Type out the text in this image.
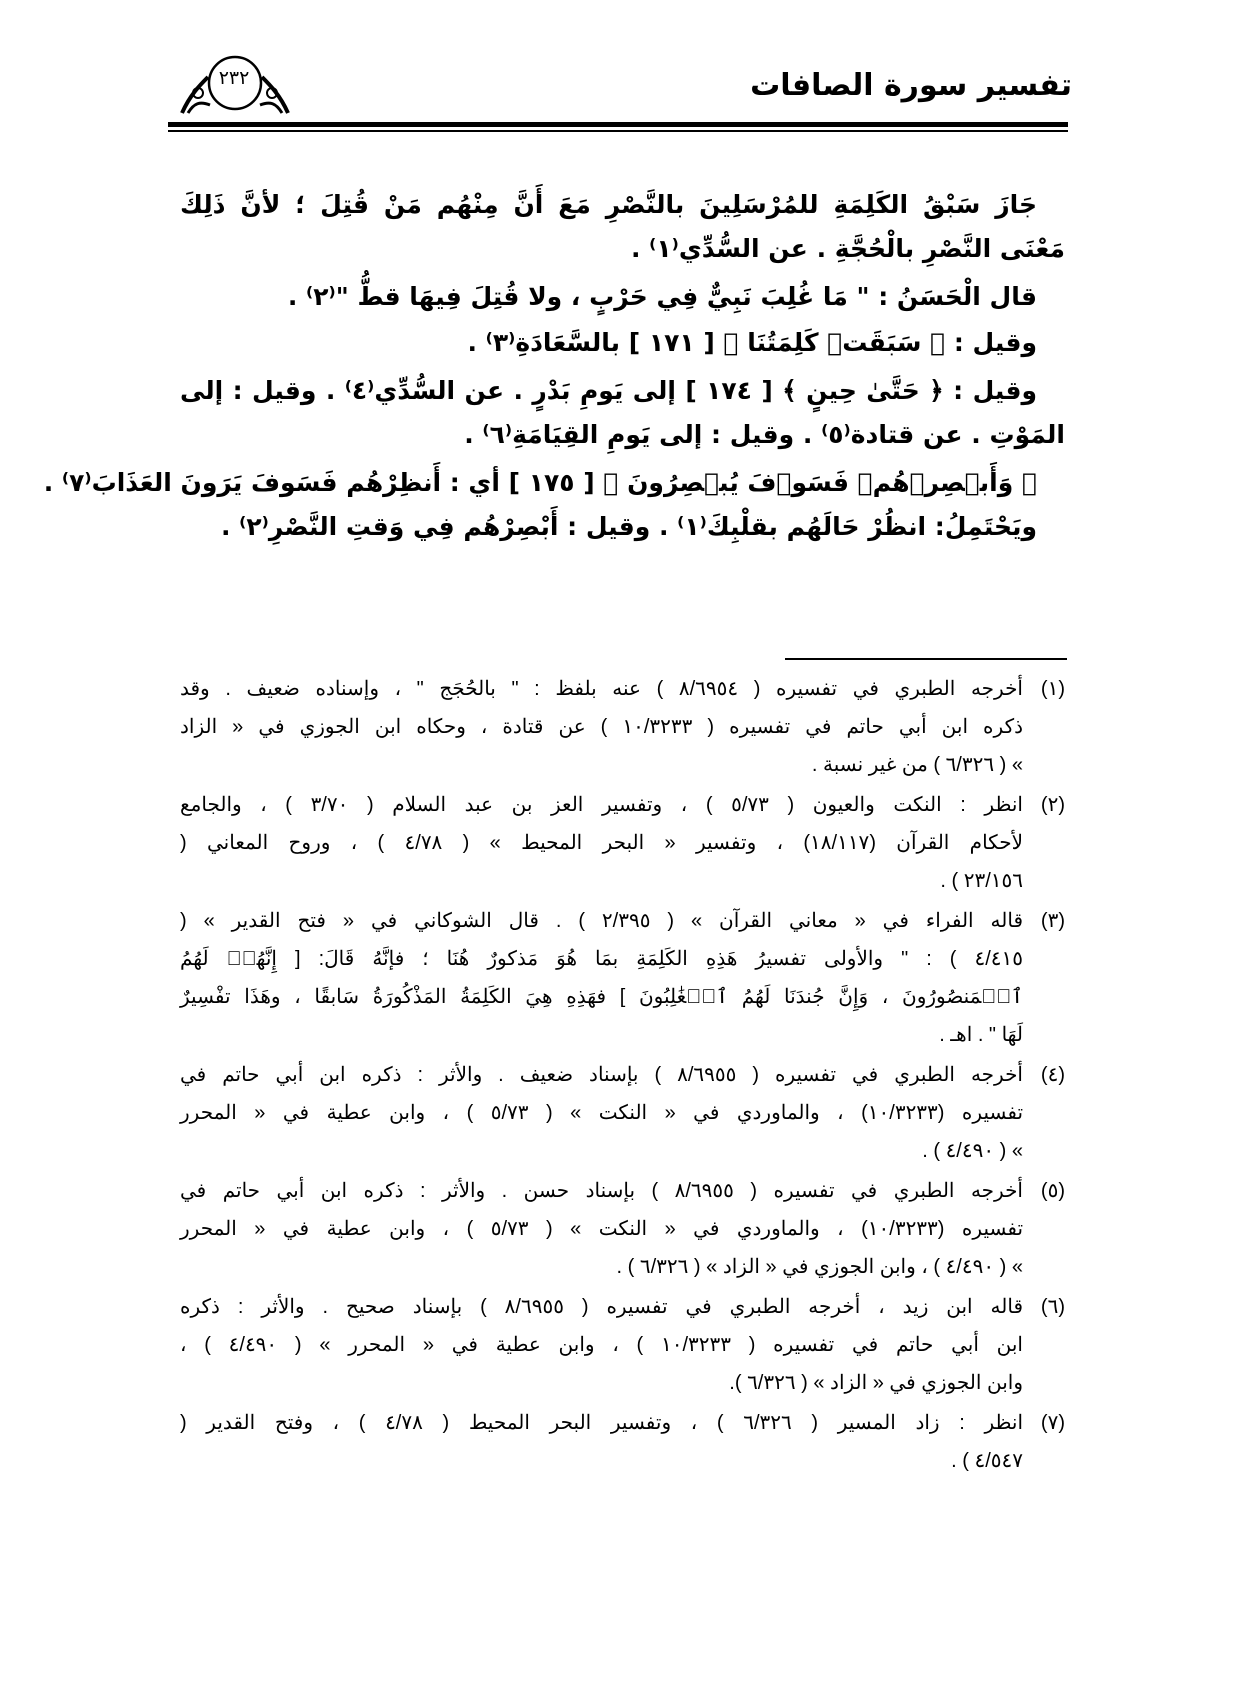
تفسير سورة الصافات
٢٣٢
جَازَ سَبْقُ الكَلِمَةِ للمُرْسَلِينَ بالنَّصْرِ مَعَ أَنَّ مِنْهُم مَنْ قُتِلَ ؛ لأنَّ ذَلِكَ
مَعْنَى النَّصْرِ بالْحُجَّةِ . عن السُّدِّي⁽١⁾ .
قال الْحَسَنُ : " مَا غُلِبَ نَبِيٌّ فِي حَرْبٍ ، ولا قُتِلَ فِيهَا قطُّ "⁽٢⁾ .
وقيل : ﴿ سَبَقَتۡ كَلِمَتُنَا ﴾ [ ١٧١ ] بالسَّعَادَةِ⁽٣⁾ .
وقيل : ﴿ حَتَّىٰ حِينٍ ﴾ [ ١٧٤ ] إلى يَومِ بَدْرٍ . عن السُّدِّي⁽٤⁾ . وقيل : إلى
المَوْتِ . عن قتادة⁽٥⁾ . وقيل : إلى يَومِ القِيَامَةِ⁽٦⁾ .
﴿ وَأَبۡصِرۡهُمۡ فَسَوۡفَ يُبۡصِرُونَ ﴾ [ ١٧٥ ] أي : أَنظِرْهُم فَسَوفَ يَرَونَ العَذَابَ⁽٧⁾ .
ويَحْتَمِلُ: انظُرْ حَالَهُم بقلْبِكَ⁽١⁾ . وقيل : أَبْصِرْهُم فِي وَقتِ النَّصْرِ⁽٢⁾ .
(١)
أخرجه الطبري في تفسيره ( ٨/٦٩٥٤ ) عنه بلفظ : " بالحُجَج " ، وإسناده ضعيف . وقد
ذكره ابن أبي حاتم في تفسيره ( ١٠/٣٢٣٣ ) عن قتادة ، وحكاه ابن الجوزي في « الزاد
» ( ٦/٣٢٦ ) من غير نسبة .
(٢)
انظر : النكت والعيون ( ٥/٧٣ ) ، وتفسير العز بن عبد السلام ( ٣/٧٠ ) ، والجامع
لأحكام القرآن (١٨/١١٧) ، وتفسير « البحر المحيط » ( ٤/٧٨ ) ، وروح المعاني (
٢٣/١٥٦ ) .
(٣)
قاله الفراء في « معاني القرآن » ( ٢/٣٩٥ ) . قال الشوكاني في « فتح القدير » (
٤/٤١٥ ) : " والأولى تفسيرُ هَذِهِ الكَلِمَةِ بمَا هُوَ مَذكورٌ هُنَا ؛ فإنَّهُ قَالَ: [ إِنَّهُمۡ لَهُمُ
ٱلۡمَنصُورُونَ ، وَإِنَّ جُندَنَا لَهُمُ ٱلۡغَٰلِبُونَ ] فهَذِهِ هِيَ الكَلِمَةُ المَذْكُورَةُ سَابقًا ، وهَذَا تفْسِيرٌ
لَهَا " . اهـ .
(٤)
أخرجه الطبري في تفسيره ( ٨/٦٩٥٥ ) بإسناد ضعيف . والأثر : ذكره ابن أبي حاتم في
تفسيره (١٠/٣٢٣٣) ، والماوردي في « النكت » ( ٥/٧٣ ) ، وابن عطية في « المحرر
» ( ٤/٤٩٠ ) .
(٥)
أخرجه الطبري في تفسيره ( ٨/٦٩٥٥ ) بإسناد حسن . والأثر : ذكره ابن أبي حاتم في
تفسيره (١٠/٣٢٣٣) ، والماوردي في « النكت » ( ٥/٧٣ ) ، وابن عطية في « المحرر
» ( ٤/٤٩٠ ) ، وابن الجوزي في « الزاد » ( ٦/٣٢٦ ) .
(٦)
قاله ابن زيد ، أخرجه الطبري في تفسيره ( ٨/٦٩٥٥ ) بإسناد صحيح . والأثر : ذكره
ابن أبي حاتم في تفسيره ( ١٠/٣٢٣٣ ) ، وابن عطية في « المحرر » ( ٤/٤٩٠ ) ،
وابن الجوزي في « الزاد » ( ٦/٣٢٦ ).
(٧)
انظر : زاد المسير ( ٦/٣٢٦ ) ، وتفسير البحر المحيط ( ٤/٧٨ ) ، وفتح القدير (
٤/٥٤٧ ) .
